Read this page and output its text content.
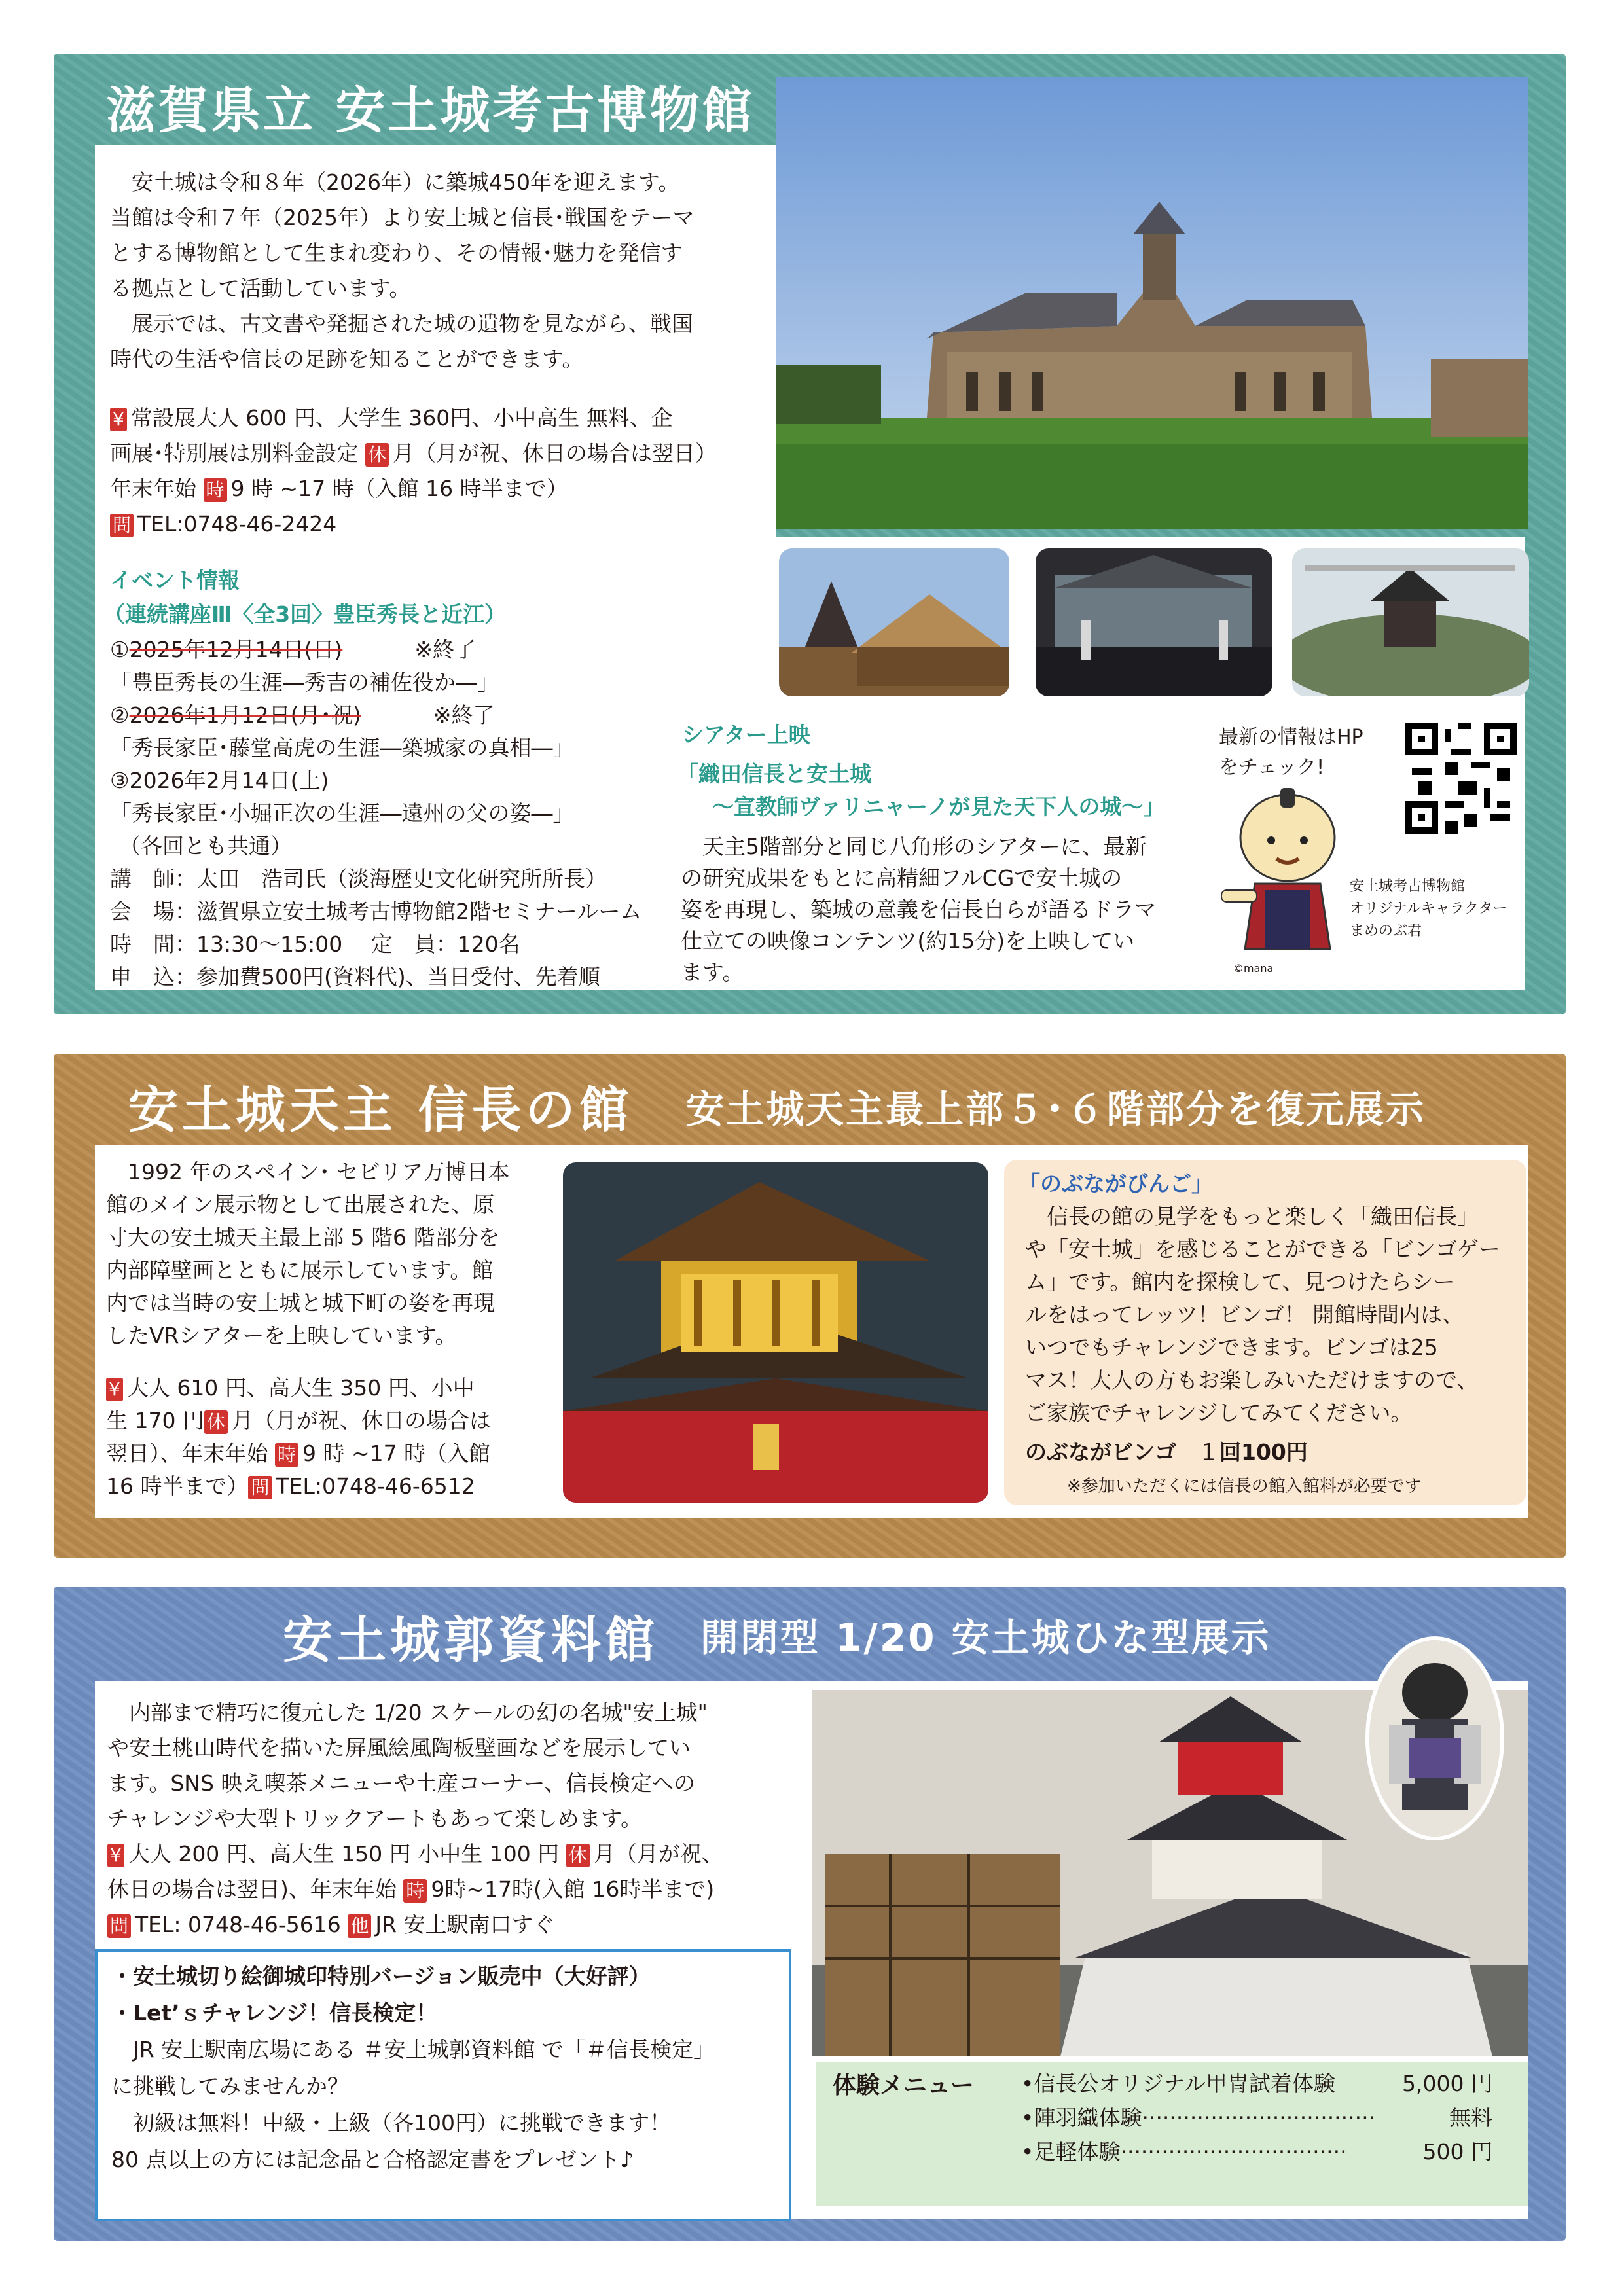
滋賀県立 安土城考古博物館
安土城は令和８年（2026年）に築城450年を迎えます。
当館は令和７年（2025年）より安土城と信長･戦国をテーマ
とする博物館として生まれ変わり、その情報･魅力を発信す
る拠点として活動しています。
展示では、古文書や発掘された城の遺物を見ながら、戦国
時代の生活や信長の足跡を知ることができます。
¥ 常設展大人 600 円、大学生 360円、小中高生 無料、企
画展･特別展は別料金設定 休 月（月が祝、休日の場合は翌日）
年末年始 時 9 時 ~17 時（入館 16 時半まで）
問 TEL:0748-46-2424
イベント情報
（連続講座Ⅲ〈全3回〉豊臣秀長と近江）
①2025年12月14日(日)	※終了
「豊臣秀長の生涯―秀吉の補佐役か―」
②2026年1月12日(月･祝)	※終了
「秀長家臣･藤堂高虎の生涯―築城家の真相―」
③2026年2月14日(土)
「秀長家臣･小堀正次の生涯―遠州の父の姿―」
（各回とも共通）
講　師：太田　浩司氏（淡海歴史文化研究所所長）
会　場：滋賀県立安土城考古博物館2階セミナールーム
時　間：13:30～15:00　 定　員：120名
申　込：参加費500円(資料代)、当日受付、先着順
シアター上映
「織田信長と安土城
～宣教師ヴァリニャーノが見た天下人の城～」
天主5階部分と同じ八角形のシアターに、最新
の研究成果をもとに高精細フルCGで安土城の
姿を再現し、築城の意義を信長自らが語るドラマ
仕立ての映像コンテンツ(約15分)を上映してい
ます。
最新の情報はHP
をチェック!
安土城考古博物館
オリジナルキャラクター
まめのぶ君
©mana
安土城天主 信長の館 安土城天主最上部５･６階部分を復元展示
1992 年のスペイン･ セビリア万博日本
館のメイン展示物として出展された、原
寸大の安土城天主最上部 5 階6 階部分を
内部障壁画とともに展示しています。館
内では当時の安土城と城下町の姿を再現
したVRシアターを上映しています。
¥ 大人 610 円、高大生 350 円、小中
生 170 円 休 月（月が祝、休日の場合は
翌日）、年末年始 時 9 時 ~17 時（入館
16 時半まで） 問 TEL:0748-46-6512
「のぶながびんご」
信長の館の見学をもっと楽しく「織田信長」
や「安土城」を感じることができる「ビンゴゲー
ム」です。館内を探検して、見つけたらシー
ルをはってレッツ！ビンゴ！ 開館時間内は、
いつでもチャレンジできます。ビンゴは25
マス！大人の方もお楽しみいただけますので、
ご家族でチャレンジしてみてください。
のぶながビンゴ　１回100円
※参加いただくには信長の館入館料が必要です
安土城郭資料館 開閉型 1/20 安土城ひな型展示
内部まで精巧に復元した 1/20 スケールの幻の名城"安土城"
や安土桃山時代を描いた屏風絵風陶板壁画などを展示してい
ます。SNS 映え喫茶メニューや土産コーナー、信長検定への
チャレンジや大型トリックアートもあって楽しめます。
¥ 大人 200 円、高大生 150 円 小中生 100 円 休 月（月が祝、
休日の場合は翌日)、年末年始 時 9時~17時(入館 16時半まで)
問 TEL: 0748-46-5616 他 JR 安土駅南口すぐ
・安土城切り絵御城印特別バージョン販売中（大好評）
・Let’ｓチャレンジ！信長検定！
JR 安土駅南広場にある ＃安土城郭資料館 で「＃信長検定」
に挑戦してみませんか？
初級は無料！中級・上級（各100円）に挑戦できます！
80 点以上の方には記念品と合格認定書をプレゼント♪
体験メニュー •信長公オリジナル甲冑試着体験	5,000 円
•陣羽織体験··································	無料
•足軽体験·································	500 円
